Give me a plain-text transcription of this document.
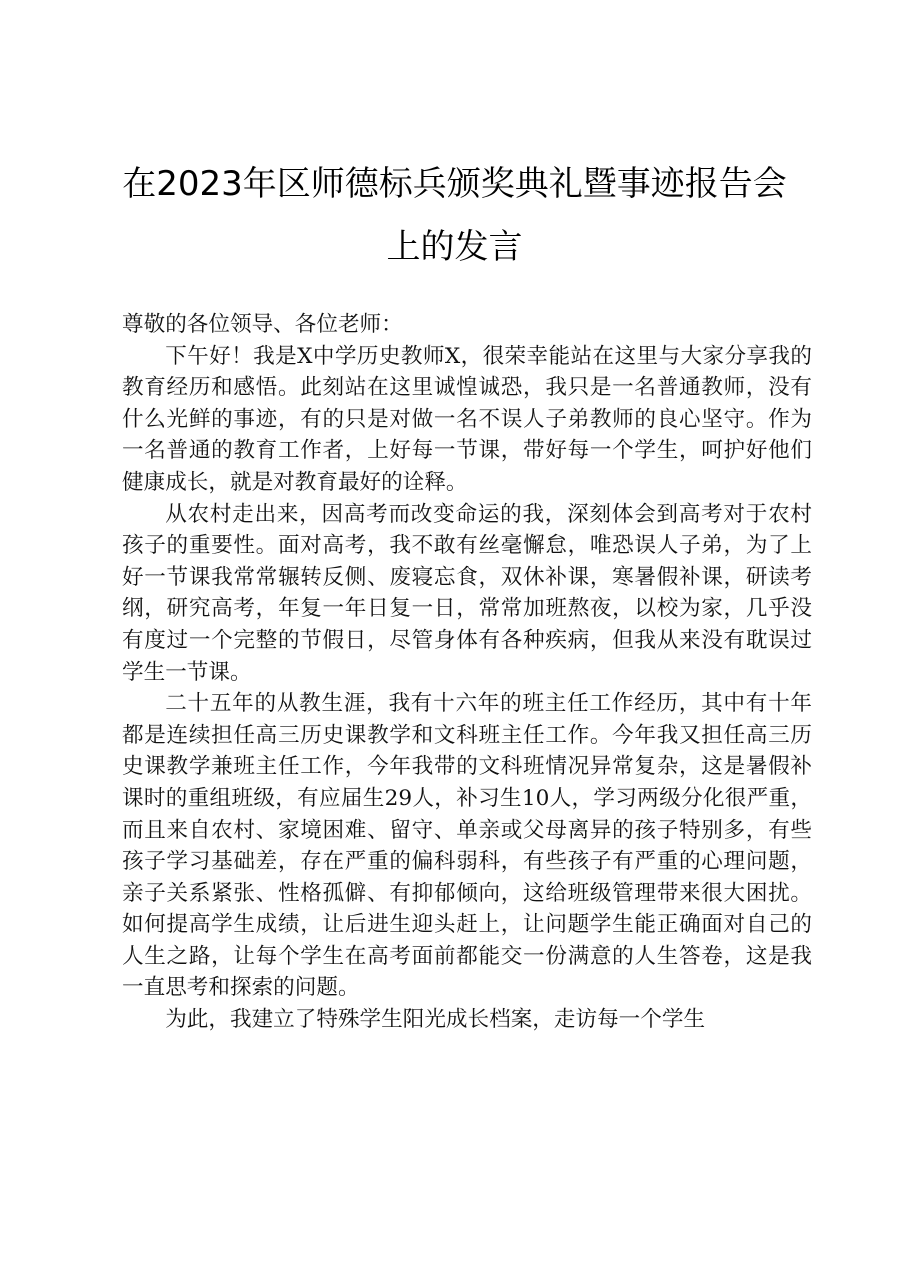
在2023年区师德标兵颁奖典礼暨事迹报告会
上的发言

尊敬的各位领导、各位老师：

下午好！我是X中学历史教师X，很荣幸能站在这里与大家分享我的教育经历和感悟。此刻站在这里诚惶诚恐，我只是一名普通教师，没有什么光鲜的事迹，有的只是对做一名不误人子弟教师的良心坚守。作为一名普通的教育工作者，上好每一节课，带好每一个学生，呵护好他们健康成长，就是对教育最好的诠释。

从农村走出来，因高考而改变命运的我，深刻体会到高考对于农村孩子的重要性。面对高考，我不敢有丝毫懈怠，唯恐误人子弟，为了上好一节课我常常辗转反侧、废寝忘食，双休补课，寒暑假补课，研读考纲，研究高考，年复一年日复一日，常常加班熬夜，以校为家，几乎没有度过一个完整的节假日，尽管身体有各种疾病，但我从来没有耽误过学生一节课。

二十五年的从教生涯，我有十六年的班主任工作经历，其中有十年都是连续担任高三历史课教学和文科班主任工作。今年我又担任高三历史课教学兼班主任工作，今年我带的文科班情况异常复杂，这是暑假补课时的重组班级，有应届生29人，补习生10人，学习两级分化很严重，而且来自农村、家境困难、留守、单亲或父母离异的孩子特别多，有些孩子学习基础差，存在严重的偏科弱科，有些孩子有严重的心理问题，亲子关系紧张、性格孤僻、有抑郁倾向，这给班级管理带来很大困扰。如何提高学生成绩，让后进生迎头赶上，让问题学生能正确面对自己的人生之路，让每个学生在高考面前都能交一份满意的人生答卷，这是我一直思考和探索的问题。

为此，我建立了特殊学生阳光成长档案，走访每一个学生
